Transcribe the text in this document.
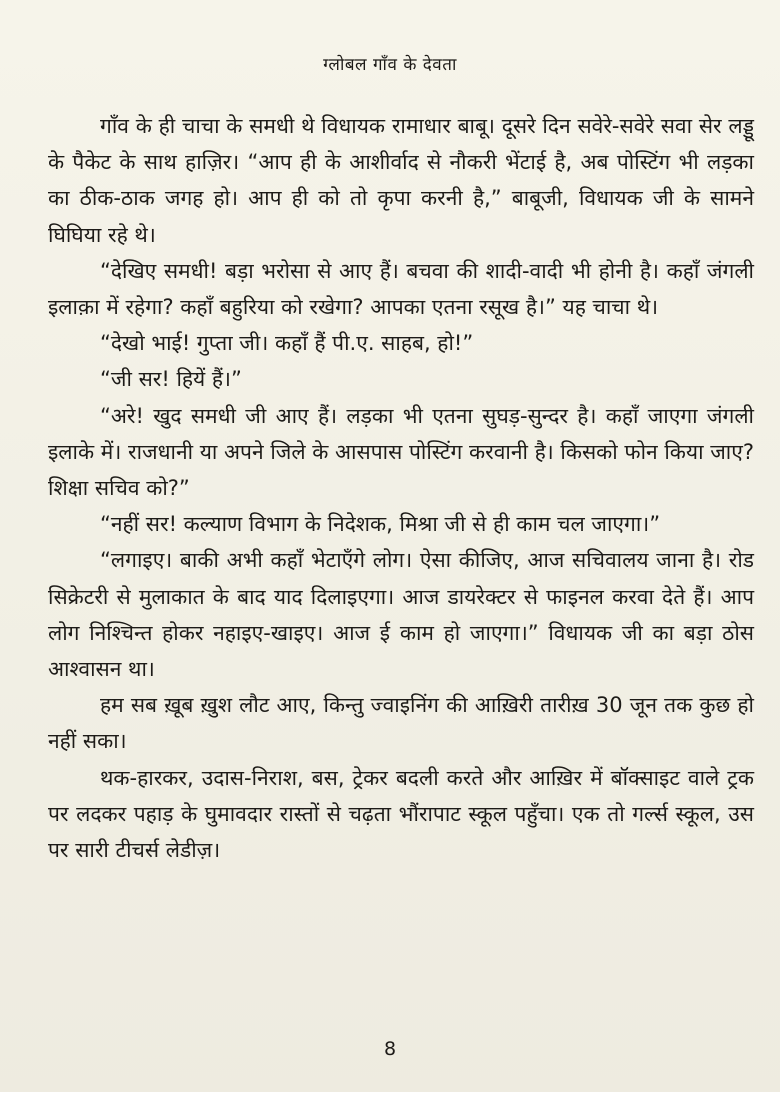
ग्लोबल गाँव के देवता

गाँव के ही चाचा के समधी थे विधायक रामाधार बाबू। दूसरे दिन सवेरे-सवेरे सवा सेर लड्डू के पैकेट के साथ हाज़िर। “आप ही के आशीर्वाद से नौकरी भेंटाई है, अब पोस्टिंग भी लड़का का ठीक-ठाक जगह हो। आप ही को तो कृपा करनी है,” बाबूजी, विधायक जी के सामने घिघिया रहे थे।

“देखिए समधी! बड़ा भरोसा से आए हैं। बचवा की शादी-वादी भी होनी है। कहाँ जंगली इलाक़ा में रहेगा? कहाँ बहुरिया को रखेगा? आपका एतना रसूख है।” यह चाचा थे।

“देखो भाई! गुप्ता जी। कहाँ हैं पी.ए. साहब, हो!”

“जी सर! हियें हैं।”

“अरे! खुद समधी जी आए हैं। लड़का भी एतना सुघड़-सुन्दर है। कहाँ जाएगा जंगली इलाके में। राजधानी या अपने जिले के आसपास पोस्टिंग करवानी है। किसको फोन किया जाए? शिक्षा सचिव को?”

“नहीं सर! कल्याण विभाग के निदेशक, मिश्रा जी से ही काम चल जाएगा।”

“लगाइए। बाकी अभी कहाँ भेटाएँगे लोग। ऐसा कीजिए, आज सचिवालय जाना है। रोड सिक्रेटरी से मुलाकात के बाद याद दिलाइएगा। आज डायरेक्टर से फाइनल करवा देते हैं। आप लोग निश्चिन्त होकर नहाइए-खाइए। आज ई काम हो जाएगा।” विधायक जी का बड़ा ठोस आश्वासन था।

हम सब ख़ूब ख़ुश लौट आए, किन्तु ज्वाइनिंग की आख़िरी तारीख़ 30 जून तक कुछ हो नहीं सका।

थक-हारकर, उदास-निराश, बस, ट्रेकर बदली करते और आख़िर में बॉक्साइट वाले ट्रक पर लदकर पहाड़ के घुमावदार रास्तों से चढ़ता भौंरापाट स्कूल पहुँचा। एक तो गर्ल्स स्कूल, उस पर सारी टीचर्स लेडीज़।

8
